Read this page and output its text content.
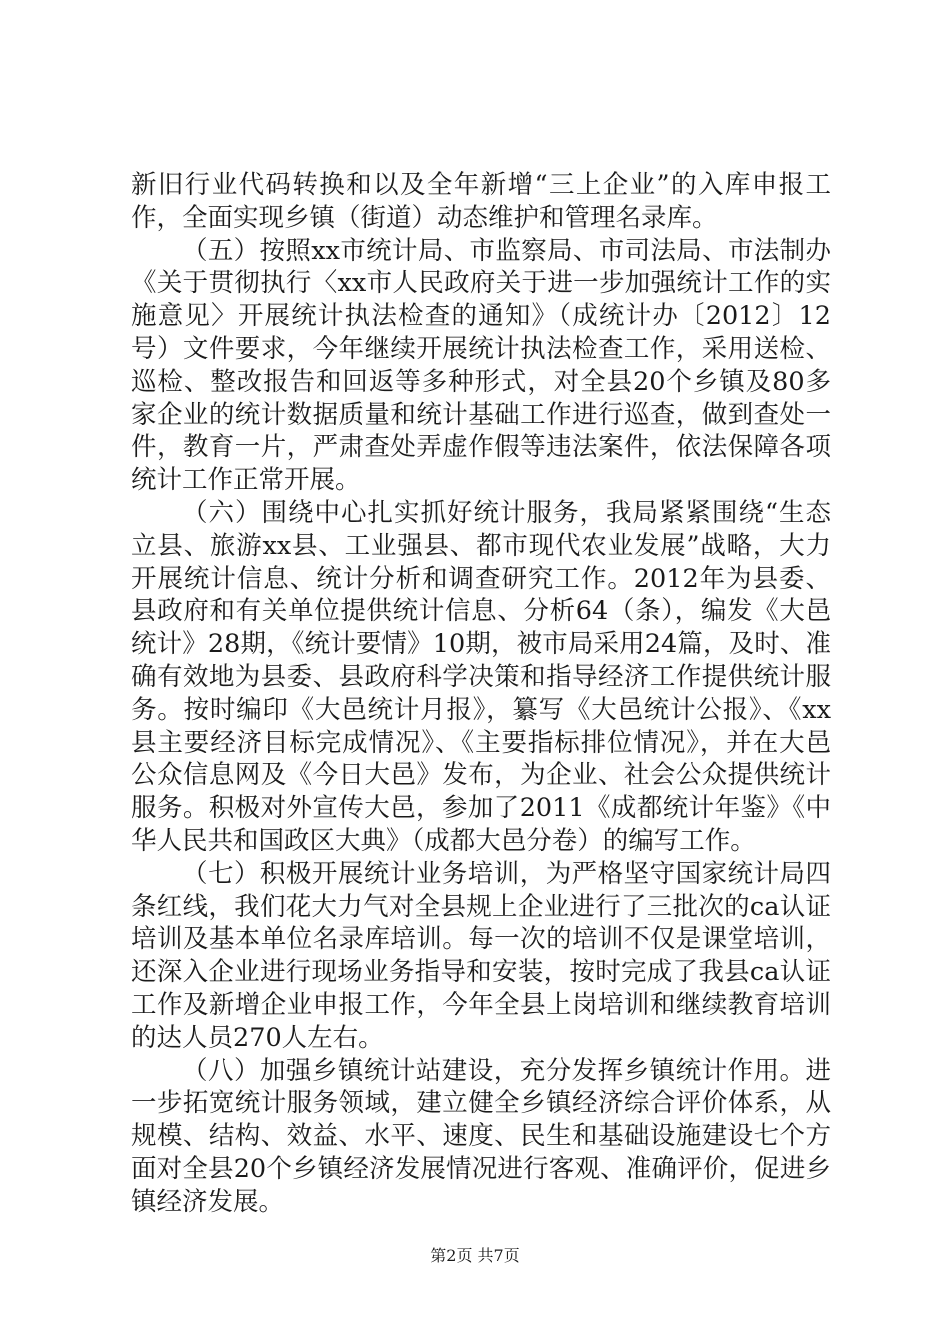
新旧行业代码转换和以及全年新增“三上企业”的入库申报工作，全面实现乡镇（街道）动态维护和管理名录库。

（五）按照xx市统计局、市监察局、市司法局、市法制办《关于贯彻执行〈xx市人民政府关于进一步加强统计工作的实施意见〉开展统计执法检查的通知》（成统计办〔2012〕12号）文件要求，今年继续开展统计执法检查工作，采用送检、巡检、整改报告和回返等多种形式，对全县20个乡镇及80多家企业的统计数据质量和统计基础工作进行巡查，做到查处一件，教育一片，严肃查处弄虚作假等违法案件，依法保障各项统计工作正常开展。

（六）围绕中心扎实抓好统计服务，我局紧紧围绕“生态立县、旅游xx县、工业强县、都市现代农业发展”战略，大力开展统计信息、统计分析和调查研究工作。2012年为县委、县政府和有关单位提供统计信息、分析64（条），编发《大邑统计》28期，《统计要情》10期，被市局采用24篇，及时、准确有效地为县委、县政府科学决策和指导经济工作提供统计服务。按时编印《大邑统计月报》，纂写《大邑统计公报》、《xx县主要经济目标完成情况》、《主要指标排位情况》，并在大邑公众信息网及《今日大邑》发布，为企业、社会公众提供统计服务。积极对外宣传大邑，参加了2011《成都统计年鉴》《中华人民共和国政区大典》（成都大邑分卷）的编写工作。

（七）积极开展统计业务培训，为严格坚守国家统计局四条红线，我们花大力气对全县规上企业进行了三批次的ca认证培训及基本单位名录库培训。每一次的培训不仅是课堂培训，还深入企业进行现场业务指导和安装，按时完成了我县ca认证工作及新增企业申报工作，今年全县上岗培训和继续教育培训的达人员270人左右。

（八）加强乡镇统计站建设，充分发挥乡镇统计作用。进一步拓宽统计服务领域，建立健全乡镇经济综合评价体系，从规模、结构、效益、水平、速度、民生和基础设施建设七个方面对全县20个乡镇经济发展情况进行客观、准确评价，促进乡镇经济发展。

第2页 共7页
